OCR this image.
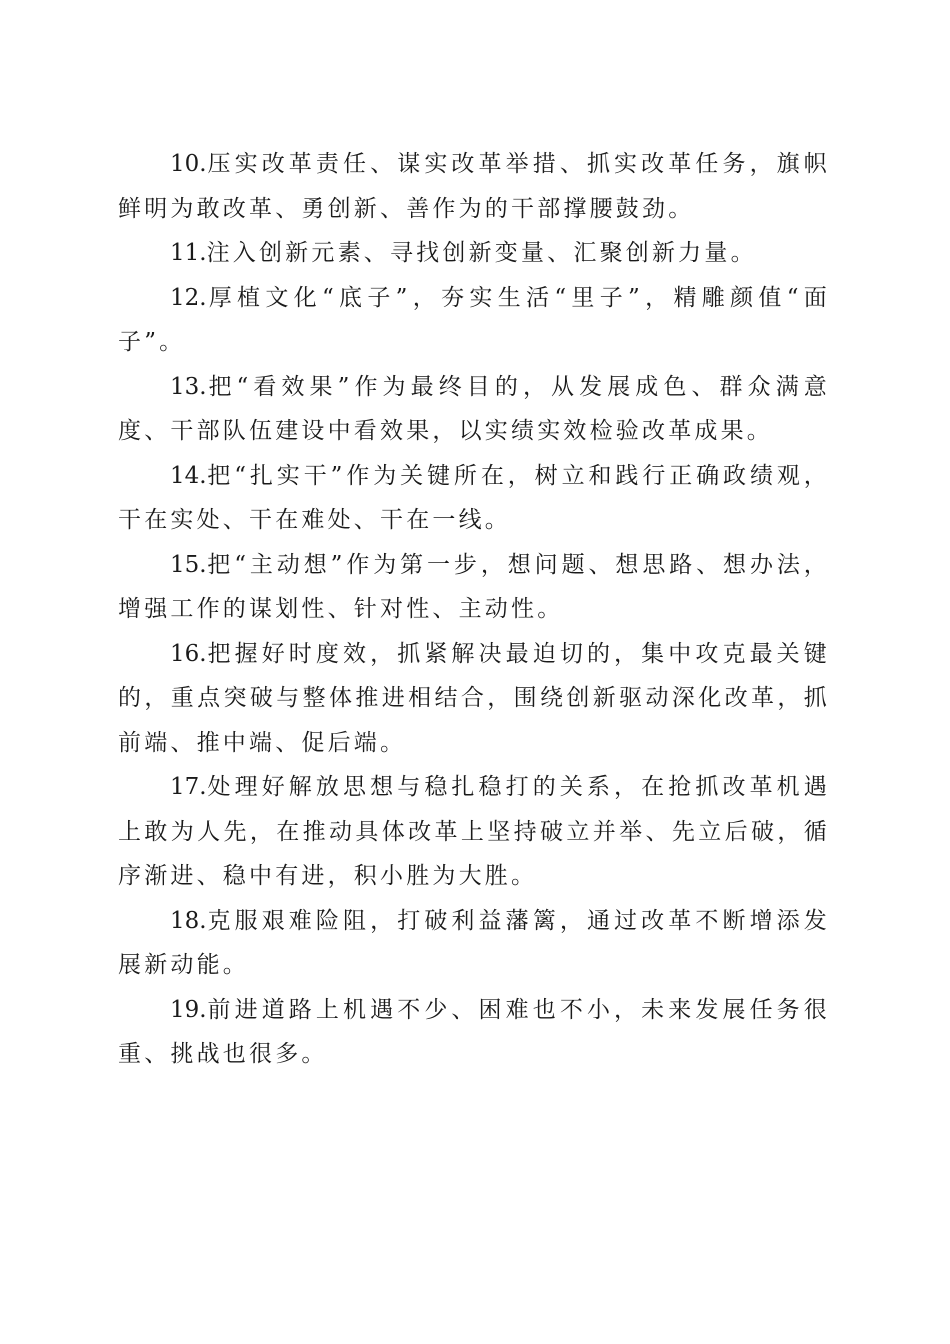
10.压实改革责任、谋实改革举措、抓实改革任务，旗帜鲜明为敢改革、勇创新、善作为的干部撑腰鼓劲。

11.注入创新元素、寻找创新变量、汇聚创新力量。

12.厚植文化“底子”，夯实生活“里子”，精雕颜值“面子”。

13.把“看效果”作为最终目的，从发展成色、群众满意度、干部队伍建设中看效果，以实绩实效检验改革成果。

14.把“扎实干”作为关键所在，树立和践行正确政绩观，干在实处、干在难处、干在一线。

15.把“主动想”作为第一步，想问题、想思路、想办法，增强工作的谋划性、针对性、主动性。

16.把握好时度效，抓紧解决最迫切的，集中攻克最关键的，重点突破与整体推进相结合，围绕创新驱动深化改革，抓前端、推中端、促后端。

17.处理好解放思想与稳扎稳打的关系，在抢抓改革机遇上敢为人先，在推动具体改革上坚持破立并举、先立后破，循序渐进、稳中有进，积小胜为大胜。

18.克服艰难险阻，打破利益藩篱，通过改革不断增添发展新动能。

19.前进道路上机遇不少、困难也不小，未来发展任务很重、挑战也很多。
